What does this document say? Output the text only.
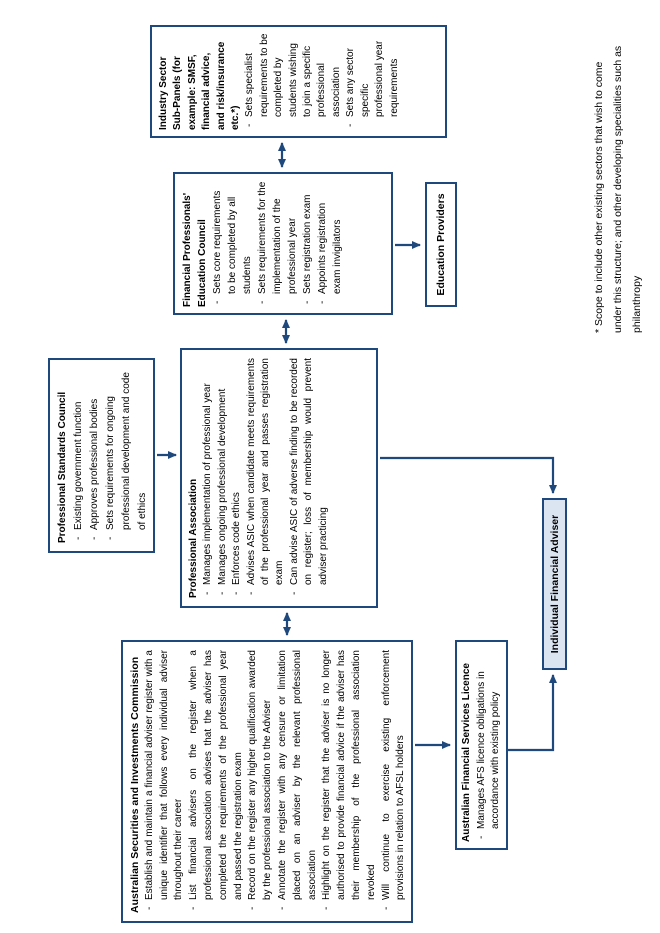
Australian Securities and Investments Commission - Establish and maintain a financial adviser register with a unique identifier that follows every individual adviser throughout their career - List financial advisers on the register when a professional association advises that the adviser has completed the requirements of the professional year and passed the registration exam - Record on the register any higher qualification awarded by the professional association to the Adviser - Annotate the register with any censure or limitation placed on an adviser by the relevant professional association - Highlight on the register that the adviser is no longer authorised to provide financial advice if the adviser has their membership of the professional association revoked - Will continue to exercise existing enforcement provisions in relation to AFSL holders
Professional Standards Council - Existing government function - Approves professional bodies - Sets requirements for ongoing professional development and code of ethics	Professional Association - Manages implementation of professional year - Manages ongoing professional development - Enforces code ethics - Advises ASIC when candidate meets requirements of the professional year and passes registration exam - Can advise ASIC of adverse finding to be recorded on register; loss of membership would prevent adviser practicing
Financial Professionals' Education Council - Sets core requirements to be completed by all students - Sets requirements for the implementation of the professional year - Sets registration exam - Appoints registration exam invigilators
Industry Sector Sub-Panels (for example: SMSF, financial advice, and risk/insurance etc.*)
- Sets specialist requirements to be completed by students wishing to join a specific professional association - Sets any sector specific professional year requirements
Education Providers
Australian Financial Services Licence - Manages AFS licence obligations in accordance with existing policy
Individual Financial Adviser
* Scope to include other existing sectors that wish to come under this structure; and other developing specialities such as philanthropy
